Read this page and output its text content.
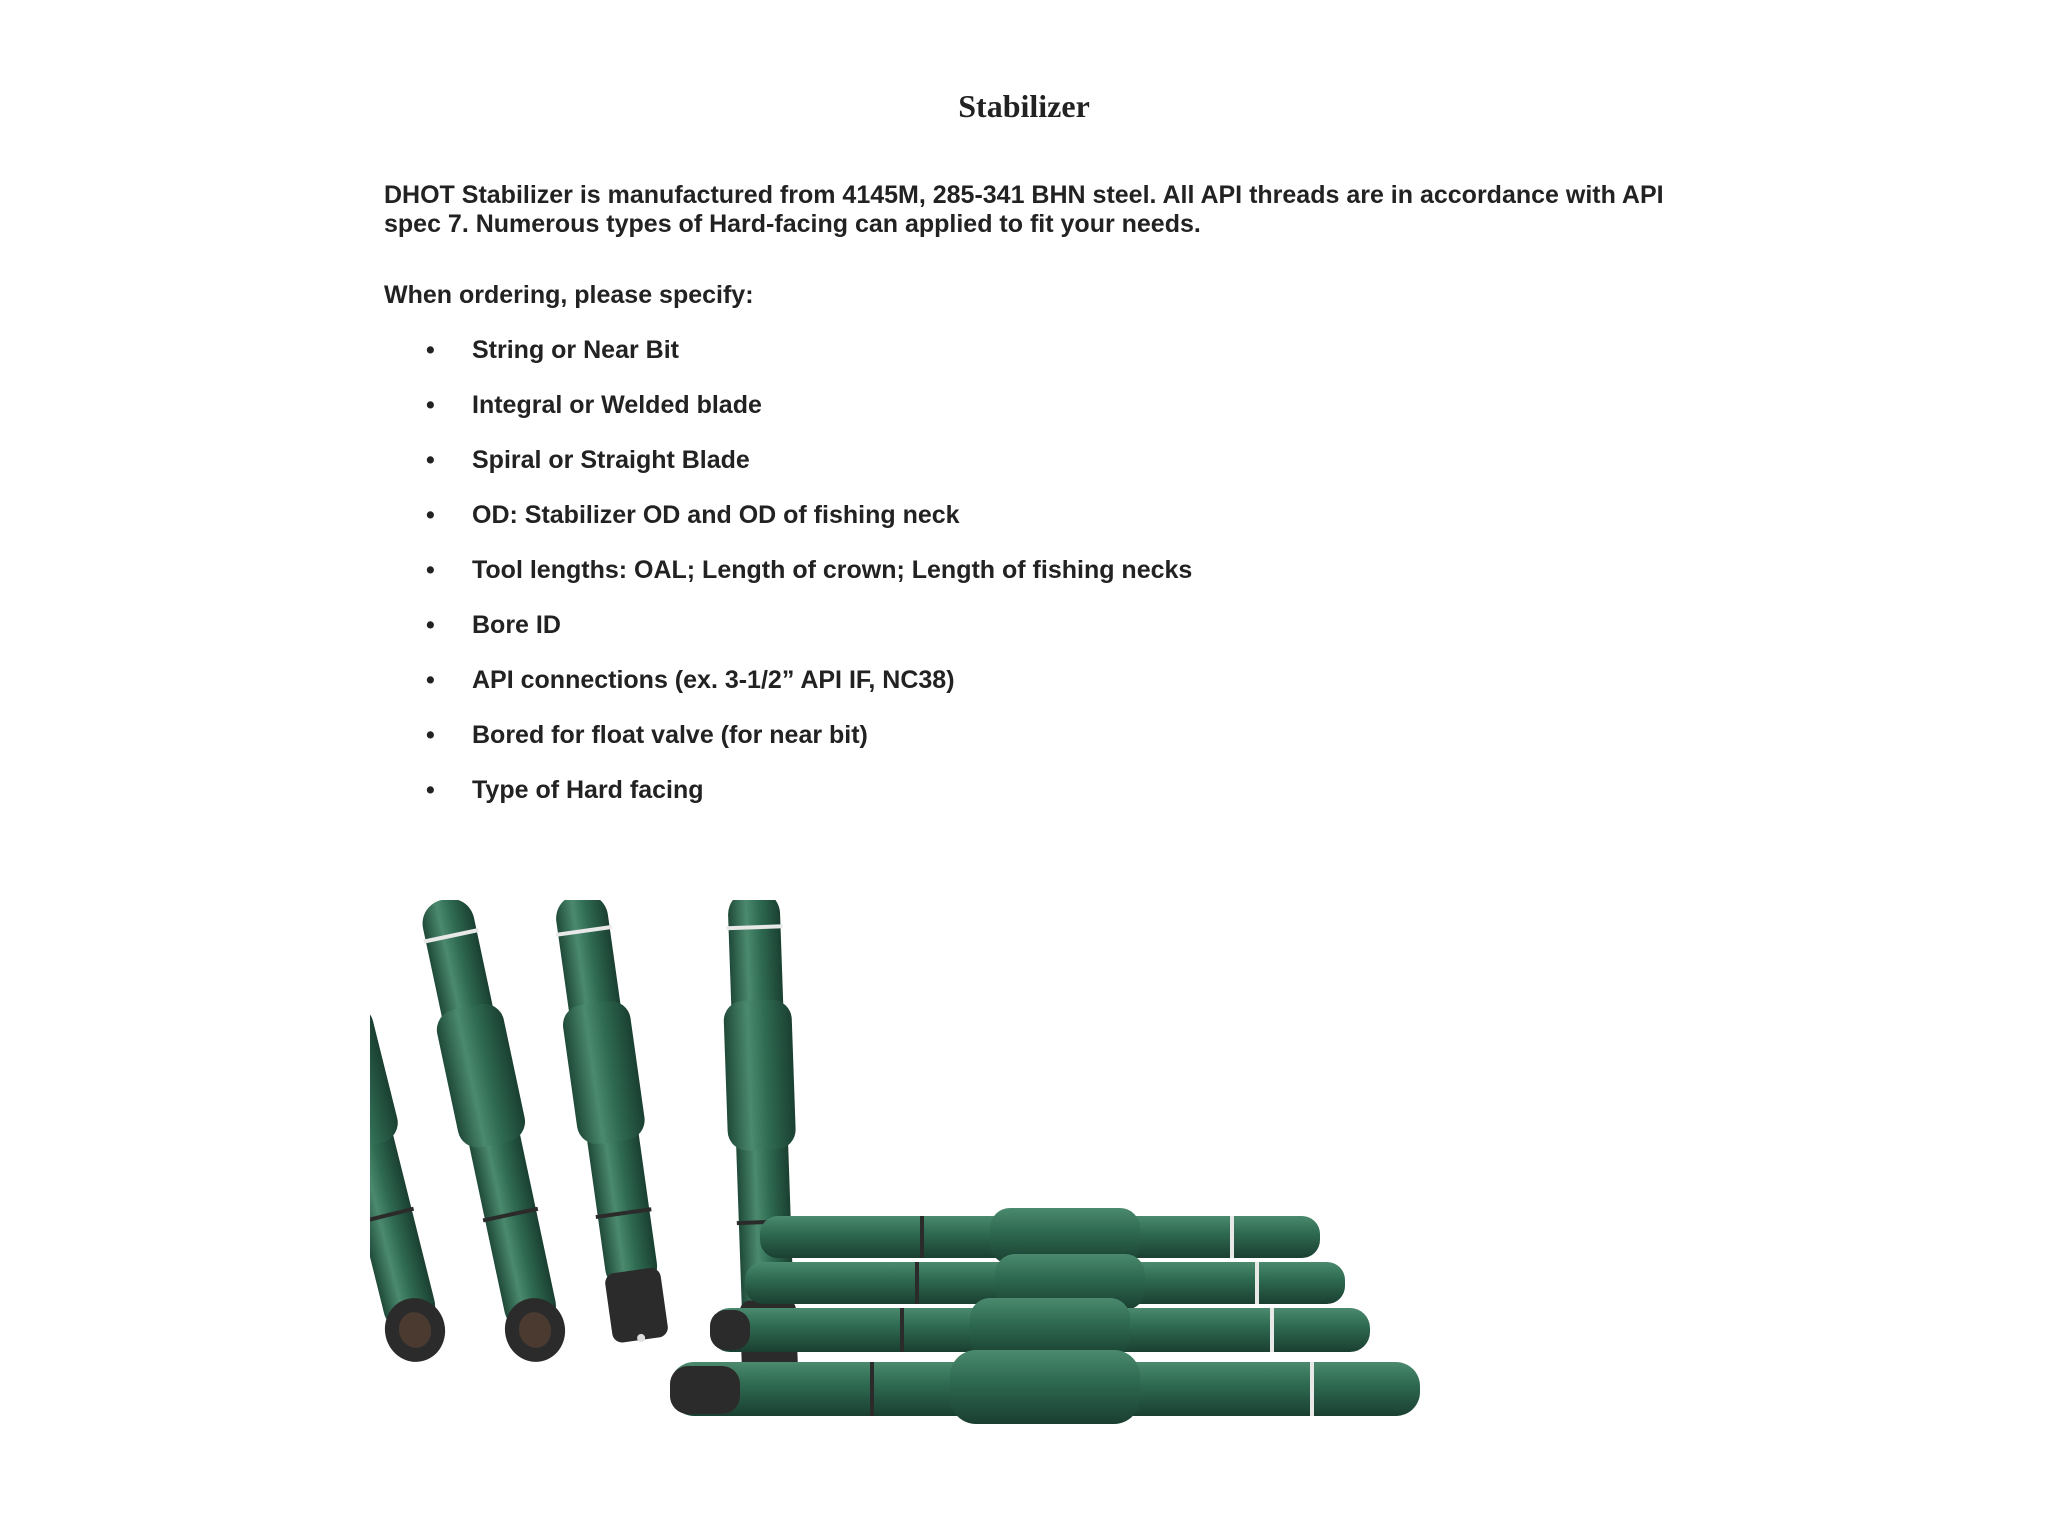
Stabilizer

DHOT Stabilizer is manufactured from 4145M, 285-341 BHN steel. All API threads are in accordance with API spec 7. Numerous types of Hard-facing can applied to fit your needs.

When ordering, please specify:

•	String or Near Bit
•	Integral or Welded blade
•	Spiral or Straight Blade
•	OD: Stabilizer OD and OD of fishing neck
•	Tool lengths: OAL; Length of crown; Length of fishing necks
•	Bore ID
•	API connections (ex. 3-1/2” API IF, NC38)
•	Bored for float valve (for near bit)
•	Type of Hard facing
